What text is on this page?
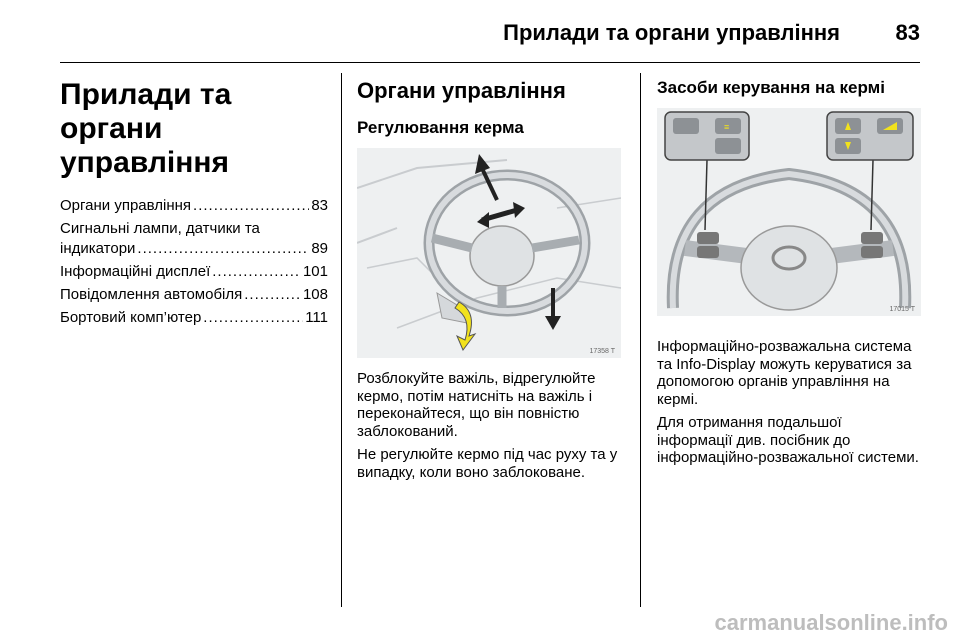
Прилади та органи управління	83
Прилади та органи управління
Органи управління .....	83
Сигнальні лампи, датчики та
індикатори .....	89
Інформаційні дисплеї .....	101
Повідомлення автомобіля .....	108
Бортовий комп’ютер .....	111
Органи управління
Регулювання керма
17358 T

Розблокуйте важіль, відрегулюйте кермо, потім натисніть на важіль і переконайтеся, що він повністю заблокований.

Не регулюйте кермо під час руху та у випадку, коли воно заблоковане.

Засоби керування на кермі
≡
17015 T

Інформаційно-розважальна система та Info-Display можуть керуватися за допомогою органів управління на кермі.

Для отримання подальшої інформації див. посібник до інформаційно-розважальної системи.

carmanualsonline.info
